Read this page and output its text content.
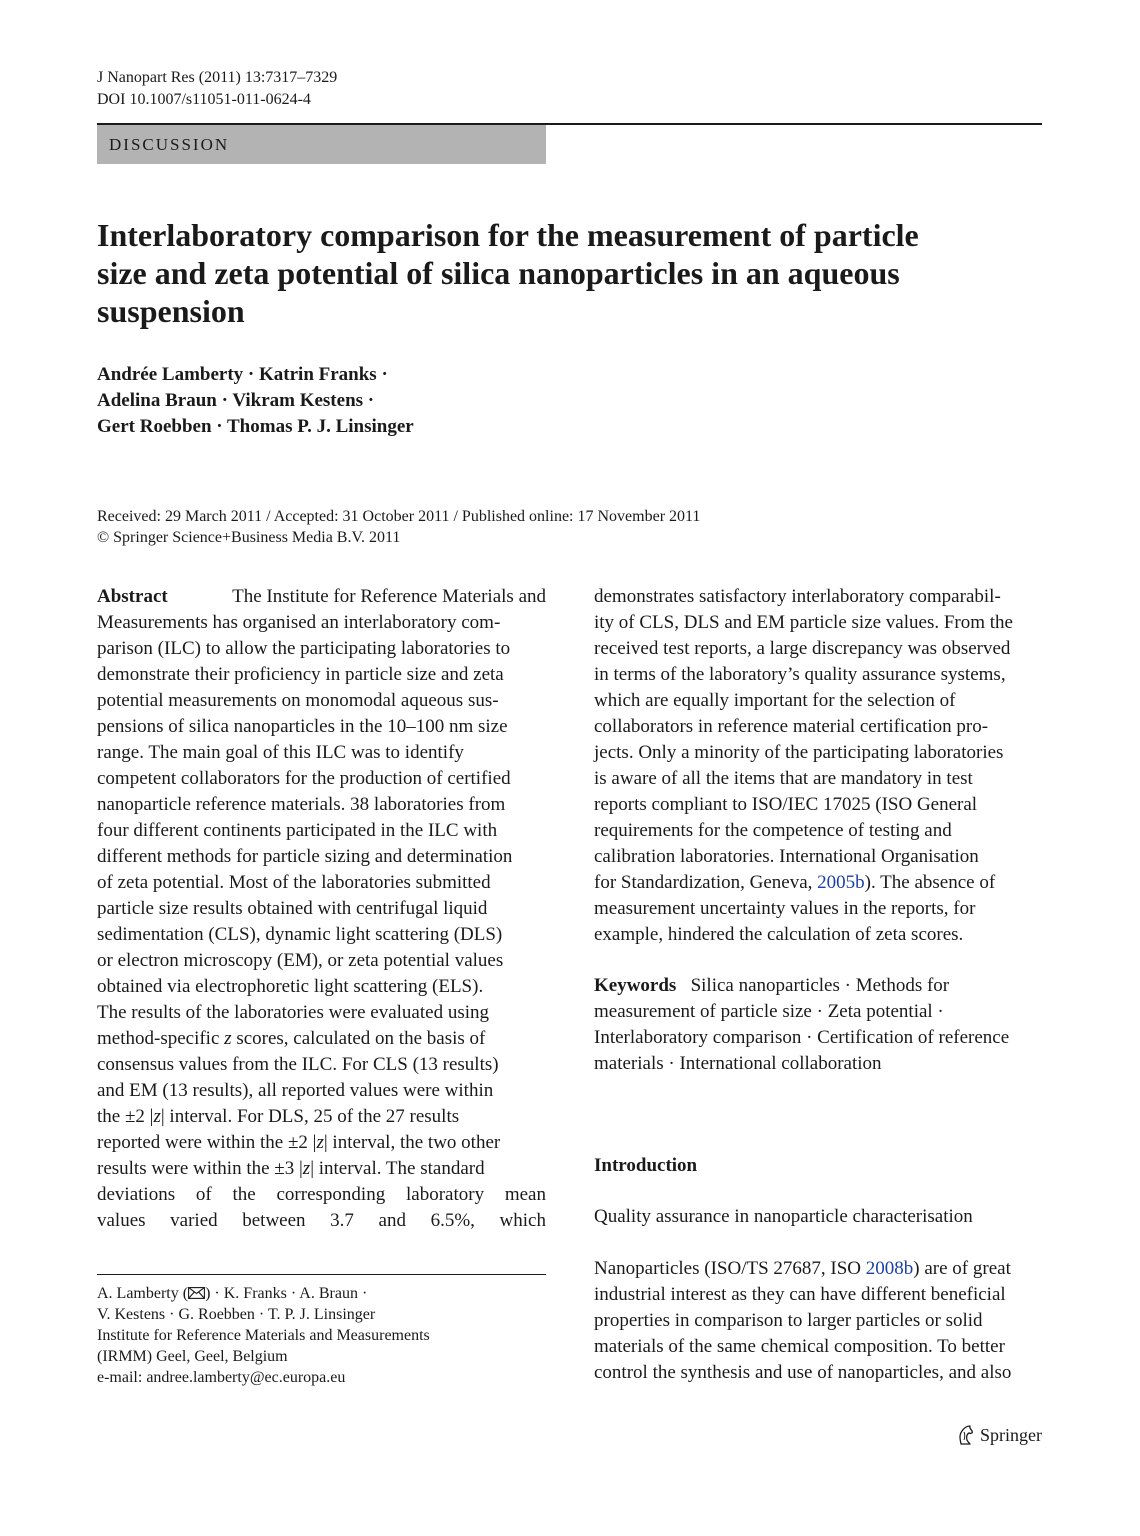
J Nanopart Res (2011) 13:7317–7329
DOI 10.1007/s11051-011-0624-4
DISCUSSION
Interlaboratory comparison for the measurement of particle
size and zeta potential of silica nanoparticles in an aqueous
suspension
Andrée Lamberty · Katrin Franks ·
Adelina Braun · Vikram Kestens ·
Gert Roebben · Thomas P. J. Linsinger
Received: 29 March 2011 / Accepted: 31 October 2011 / Published online: 17 November 2011
© Springer Science+Business Media B.V. 2011
Abstract	The Institute for Reference Materials and
Measurements has organised an interlaboratory com-
parison (ILC) to allow the participating laboratories to
demonstrate their proficiency in particle size and zeta
potential measurements on monomodal aqueous sus-
pensions of silica nanoparticles in the 10–100 nm size
range. The main goal of this ILC was to identify
competent collaborators for the production of certified
nanoparticle reference materials. 38 laboratories from
four different continents participated in the ILC with
different methods for particle sizing and determination
of zeta potential. Most of the laboratories submitted
particle size results obtained with centrifugal liquid
sedimentation (CLS), dynamic light scattering (DLS)
or electron microscopy (EM), or zeta potential values
obtained via electrophoretic light scattering (ELS).
The results of the laboratories were evaluated using
method-specific z scores, calculated on the basis of
consensus values from the ILC. For CLS (13 results)
and EM (13 results), all reported values were within
the ±2 |z| interval. For DLS, 25 of the 27 results
reported were within the ±2 |z| interval, the two other
results were within the ±3 |z| interval. The standard
deviations of the corresponding laboratory mean
values varied between 3.7 and 6.5%, which
demonstrates satisfactory interlaboratory comparabil-
ity of CLS, DLS and EM particle size values. From the
received test reports, a large discrepancy was observed
in terms of the laboratory’s quality assurance systems,
which are equally important for the selection of
collaborators in reference material certification pro-
jects. Only a minority of the participating laboratories
is aware of all the items that are mandatory in test
reports compliant to ISO/IEC 17025 (ISO General
requirements for the competence of testing and
calibration laboratories. International Organisation
for Standardization, Geneva, 2005b). The absence of
measurement uncertainty values in the reports, for
example, hindered the calculation of zeta scores.
Keywords Silica nanoparticles · Methods for
measurement of particle size · Zeta potential ·
Interlaboratory comparison · Certification of reference
materials · International collaboration
Introduction
Quality assurance in nanoparticle characterisation
Nanoparticles (ISO/TS 27687, ISO 2008b) are of great
industrial interest as they can have different beneficial
properties in comparison to larger particles or solid
materials of the same chemical composition. To better
control the synthesis and use of nanoparticles, and also
A. Lamberty ( ) · K. Franks · A. Braun ·
V. Kestens · G. Roebben · T. P. J. Linsinger
Institute for Reference Materials and Measurements
(IRMM) Geel, Geel, Belgium
e-mail: andree.lamberty@ec.europa.eu
Springer
